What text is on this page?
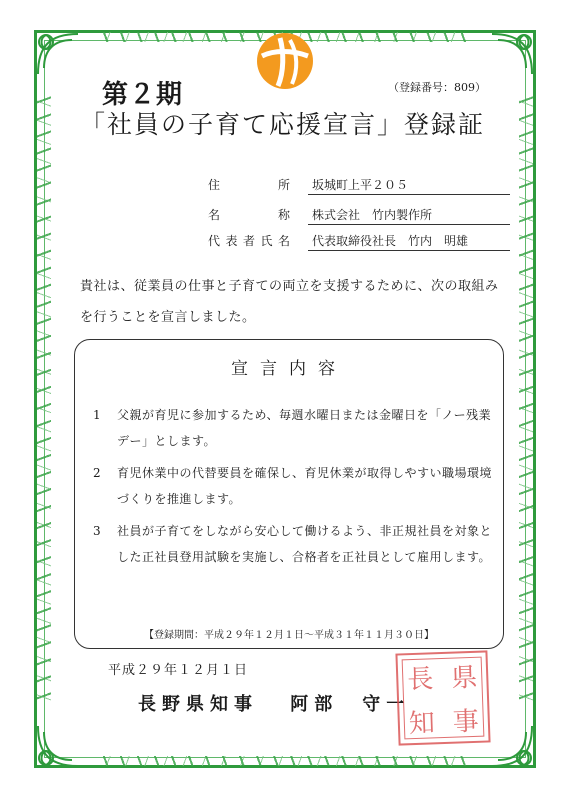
第２期	（登録番号：809）
「社員の子育て応援宣言」登録証
住　所	坂城町上平２０５
名　称	株式会社　竹内製作所
代表者氏名	代表取締役社長　竹内　明雄

貴社は、従業員の仕事と子育ての両立を支援するために、次の取組み

を行うことを宣言しました。

宣言内容
1	父親が育児に参加するため、毎週水曜日または金曜日を「ノー残業デー」とします。
2	育児休業中の代替要員を確保し、育児休業が取得しやすい職場環境づくりを推進します。
3	社員が子育てをしながら安心して働けるよう、非正規社員を対象とした正社員登用試験を実施し、合格者を正社員として雇用します。
【登録期間：平成２９年１２月１日～平成３１年１１月３０日】
平成２９年１２月１日
長野県知事 阿部　守一
長 県
知 事
